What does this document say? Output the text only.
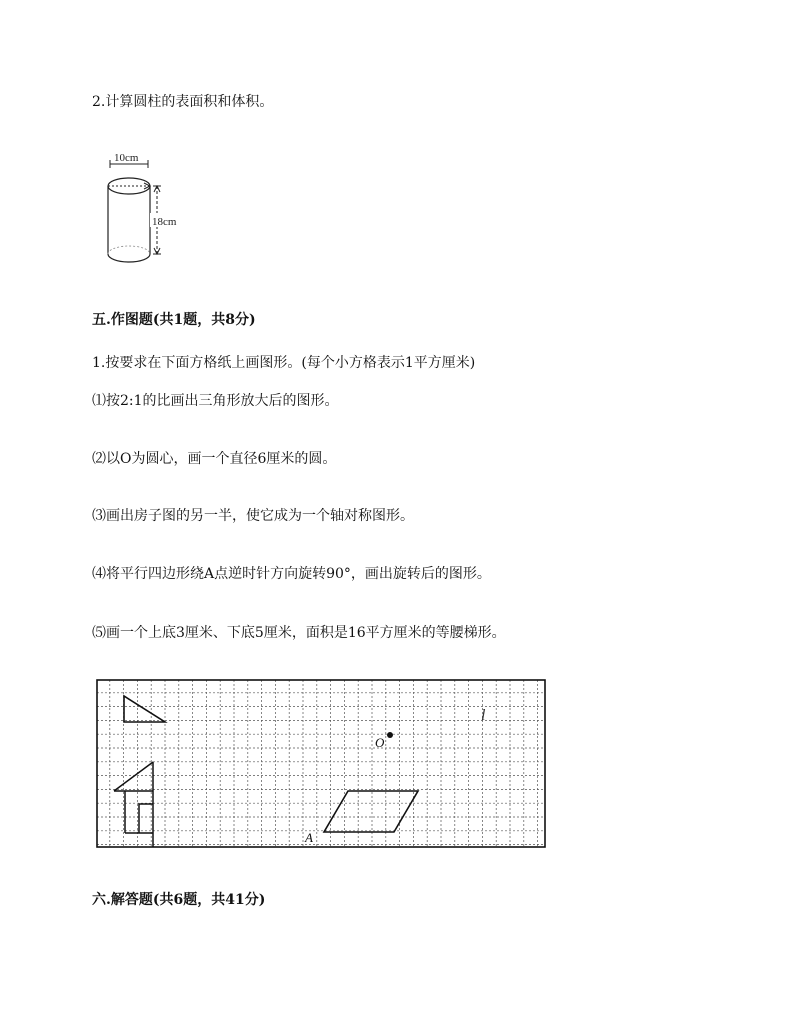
2.计算圆柱的表面积和体积。
10cm
18cm
五.作图题(共1题，共8分)
1.按要求在下面方格纸上画图形。(每个小方格表示1平方厘米)
⑴按2:1的比画出三角形放大后的图形。
⑵以O为圆心，画一个直径6厘米的圆。
⑶画出房子图的另一半，使它成为一个轴对称图形。
⑷将平行四边形绕A点逆时针方向旋转90°，画出旋转后的图形。
⑸画一个上底3厘米、下底5厘米，面积是16平方厘米的等腰梯形。
A
O
l
六.解答题(共6题，共41分)
